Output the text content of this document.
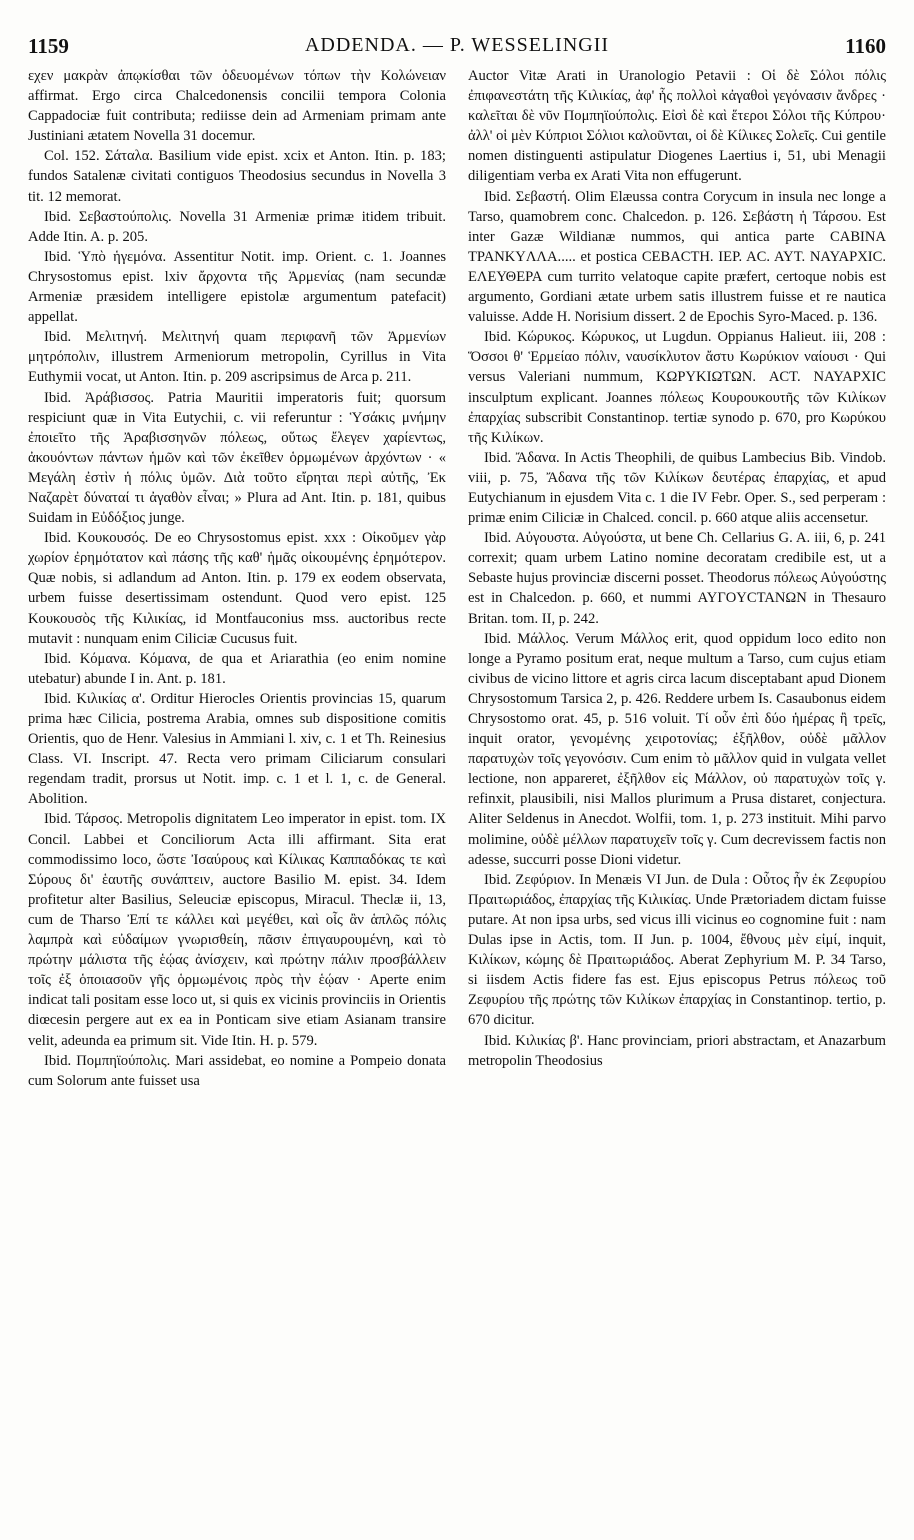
1159	ADDENDA. — P. WESSELINGII	1160

εχεν μακρὰν ἀπῳκίσθαι τῶν ὀδευομένων τόπων τὴν Κολώνειαν affirmat. Ergo circa Chalcedonensis concilii tempora Colonia Cappadociæ fuit contributa; rediisse dein ad Armeniam primam ante Justiniani ætatem Novella 31 docemur.

Col. 152. Σάταλα. Basilium vide epist. xcix et Anton. Itin. p. 183; fundos Satalenæ civitati contiguos Theodosius secundus in Novella 3 tit. 12 memorat.

Ibid. Σεβαστούπολις. Novella 31 Armeniæ primæ itidem tribuit. Adde Itin. A. p. 205.

Ibid. Ὑπὸ ἡγεμόνα. Assentitur Notit. imp. Orient. c. 1. Joannes Chrysostomus epist. lxiv ἄρχοντα τῆς Ἀρμενίας (nam secundæ Armeniæ præsidem intelligere epistolæ argumentum patefacit) appellat.

Ibid. Μελιτηνή. Μελιτηνή quam περιφανῆ τῶν Ἀρμενίων μητρόπολιν, illustrem Armeniorum metropolin, Cyrillus in Vita Euthymii vocat, ut Anton. Itin. p. 209 ascripsimus de Arca p. 211.

Ibid. Ἀράβισσος. Patria Mauritii imperatoris fuit; quorsum respiciunt quæ in Vita Eutychii, c. vii referuntur : Ὑσάκις μνήμην ἐποιεῖτο τῆς Ἀραβισσηνῶν πόλεως, οὕτως ἔλεγεν χαρίεντως, ἀκουόντων πάντων ἡμῶν καὶ τῶν ἐκεῖθεν ὁρμωμένων ἀρχόντων · « Μεγάλη ἐστὶν ἡ πόλις ὑμῶν. Διὰ τοῦτο εἴρηται περὶ αὐτῆς, Ἐκ Ναζαρὲτ δύναταί τι ἀγαθὸν εἶναι; » Plura ad Ant. Itin. p. 181, quibus Suidam in Εὐδόξιος junge.

Ibid. Κουκουσός. De eo Chrysostomus epist. xxx : Οἰκοῦμεν γὰρ χωρίον ἐρημότατον καὶ πάσης τῆς καθ' ἡμᾶς οἰκουμένης ἐρημότερον. Quæ nobis, si adlandum ad Anton. Itin. p. 179 ex eodem observata, urbem fuisse desertissimam ostendunt. Quod vero epist. 125 Κουκουσὸς τῆς Κιλικίας, id Montfauconius mss. auctoribus recte mutavit : nunquam enim Ciliciæ Cucusus fuit.

Ibid. Κόμανα. Κόμανα, de qua et Ariarathia (eo enim nomine utebatur) abunde I in. Ant. p. 181.

Ibid. Κιλικίας α'. Orditur Hierocles Orientis provincias 15, quarum prima hæc Cilicia, postrema Arabia, omnes sub dispositione comitis Orientis, quo de Henr. Valesius in Ammiani l. xiv, c. 1 et Th. Reinesius Class. VI. Inscript. 47. Recta vero primam Ciliciarum consulari regendam tradit, prorsus ut Notit. imp. c. 1 et l. 1, c. de General. Abolition.

Ibid. Τάρσος. Metropolis dignitatem Leo imperator in epist. tom. IX Concil. Labbei et Conciliorum Acta illi affirmant. Sita erat commodissimo loco, ὥστε Ἰσαύρους καὶ Κίλικας Καππαδόκας τε καὶ Σύρους δι' ἑαυτῆς συνάπτειν, auctore Basilio M. epist. 34. Idem profitetur alter Basilius, Seleuciæ episcopus, Miracul. Theclæ ii, 13, cum de Tharso Ἐπί τε κάλλει καὶ μεγέθει, καὶ οἷς ἂν ἁπλῶς πόλις λαμπρὰ καὶ εὐδαίμων γνωρισθείη, πᾶσιν ἐπιγαυρουμένη, καὶ τὸ πρώτην μάλιστα τῆς ἑῴας ἀνίσχειν, καὶ πρώτην πάλιν προσβάλλειν τοῖς ἐξ ὁποιασοῦν γῆς ὁρμωμένοις πρὸς τὴν ἑῴαν · Aperte enim indicat tali positam esse loco ut, si quis ex vicinis provinciis in Orientis diœcesin pergere aut ex ea in Ponticam sive etiam Asianam transire velit, adeunda ea primum sit. Vide Itin. H. p. 579.

Ibid. Πομπηϊούπολις. Mari assidebat, eo nomine a Pompeio donata cum Solorum ante fuisset usa

Auctor Vitæ Arati in Uranologio Petavii : Οἱ δὲ Σόλοι πόλις ἐπιφανεστάτη τῆς Κιλικίας, ἀφ' ἧς πολλοὶ κἀγαθοὶ γεγόνασιν ἄνδρες · καλεῖται δὲ νῦν Πομπηϊούπολις. Εἰσὶ δὲ καὶ ἕτεροι Σόλοι τῆς Κύπρου· ἀλλ' οἱ μὲν Κύπριοι Σόλιοι καλοῦνται, οἱ δὲ Κίλικες Σολεῖς. Cui gentile nomen distinguenti astipulatur Diogenes Laertius i, 51, ubi Menagii diligentiam verba ex Arati Vita non effugerunt.

Ibid. Σεβαστή. Olim Elæussa contra Corycum in insula nec longe a Tarso, quamobrem conc. Chalcedon. p. 126. Σεβάστη ἡ Τάρσου. Est inter Gazæ Wildianæ nummos, qui antica parte CABINA TPANKYΛΛA..... et postica CEBACTH. IEP. AC. AYT. NAYAPXIC. ΕΛΕΥΘΕΡΑ cum turrito velatoque capite præfert, certoque nobis est argumento, Gordiani ætate urbem satis illustrem fuisse et re nautica valuisse. Adde H. Norisium dissert. 2 de Epochis Syro-Maced. p. 136.

Ibid. Κώρυκος. Κώρυκος, ut Lugdun. Oppianus Halieut. iii, 208 : Ὅσσοι θ' Ἑρμείαο πόλιν, ναυσίκλυτον ἄστυ Κωρύκιον ναίουσι · Qui versus Valeriani nummum, ΚΩΡΥΚΙΩΤΩΝ. ACT. NAYAPXIC insculptum explicant. Joannes πόλεως Κουρουκουτῆς τῶν Κιλίκων ἐπαρχίας subscribit Constantinop. tertiæ synodo p. 670, pro Κωρύκου τῆς Κιλίκων.

Ibid. Ἄδανα. In Actis Theophili, de quibus Lambecius Bib. Vindob. viii, p. 75, Ἄδανα τῆς τῶν Κιλίκων δευτέρας ἐπαρχίας, et apud Eutychianum in ejusdem Vita c. 1 die IV Febr. Oper. S., sed perperam : primæ enim Ciliciæ in Chalced. concil. p. 660 atque aliis accensetur.

Ibid. Αὐγουστα. Αὐγούστα, ut bene Ch. Cellarius G. A. iii, 6, p. 241 correxit; quam urbem Latino nomine decoratam credibile est, ut a Sebaste hujus provinciæ discerni posset. Theodorus πόλεως Αὐγούστης est in Chalcedon. p. 660, et nummi AYΓOYCTANΩN in Thesauro Britan. tom. II, p. 242.

Ibid. Μάλλος. Verum Μάλλος erit, quod oppidum loco edito non longe a Pyramo positum erat, neque multum a Tarso, cum cujus etiam civibus de vicino littore et agris circa lacum disceptabant apud Dionem Chrysostomum Tarsica 2, p. 426. Reddere urbem Is. Casaubonus eidem Chrysostomo orat. 45, p. 516 voluit. Τί οὖν ἐπὶ δύο ἡμέρας ἢ τρεῖς, inquit orator, γενομένης χειροτονίας; ἐξῆλθον, οὐδὲ μᾶλλον παρατυχὼν τοῖς γεγονόσιν. Cum enim τὸ μᾶλλον quid in vulgata vellet lectione, non appareret, ἐξῆλθον εἰς Μάλλον, οὐ παρατυχὼν τοῖς γ. refinxit, plausibili, nisi Mallos plurimum a Prusa distaret, conjectura. Aliter Seldenus in Anecdot. Wolfii, tom. 1, p. 273 instituit. Mihi parvo molimine, οὐδὲ μέλλων παρατυχεῖν τοῖς γ. Cum decrevissem factis non adesse, succurri posse Dioni videtur.

Ibid. Ζεφύριον. In Menæis VI Jun. de Dula : Οὗτος ἦν ἐκ Ζεφυρίου Πραιτωριάδος, ἐπαρχίας τῆς Κιλικίας. Unde Prætoriadem dictam fuisse putare. At non ipsa urbs, sed vicus illi vicinus eo cognomine fuit : nam Dulas ipse in Actis, tom. II Jun. p. 1004, ἔθνους μὲν εἰμί, inquit, Κιλίκων, κώμης δὲ Πραιτωριάδος. Aberat Zephyrium M. P. 34 Tarso, si iisdem Actis fidere fas est. Ejus episcopus Petrus πόλεως τοῦ Ζεφυρίου τῆς πρώτης τῶν Κιλίκων ἐπαρχίας in Constantinop. tertio, p. 670 dicitur.

Ibid. Κιλικίας β'. Hanc provinciam, priori abstractam, et Anazarbum metropolin Theodosius
